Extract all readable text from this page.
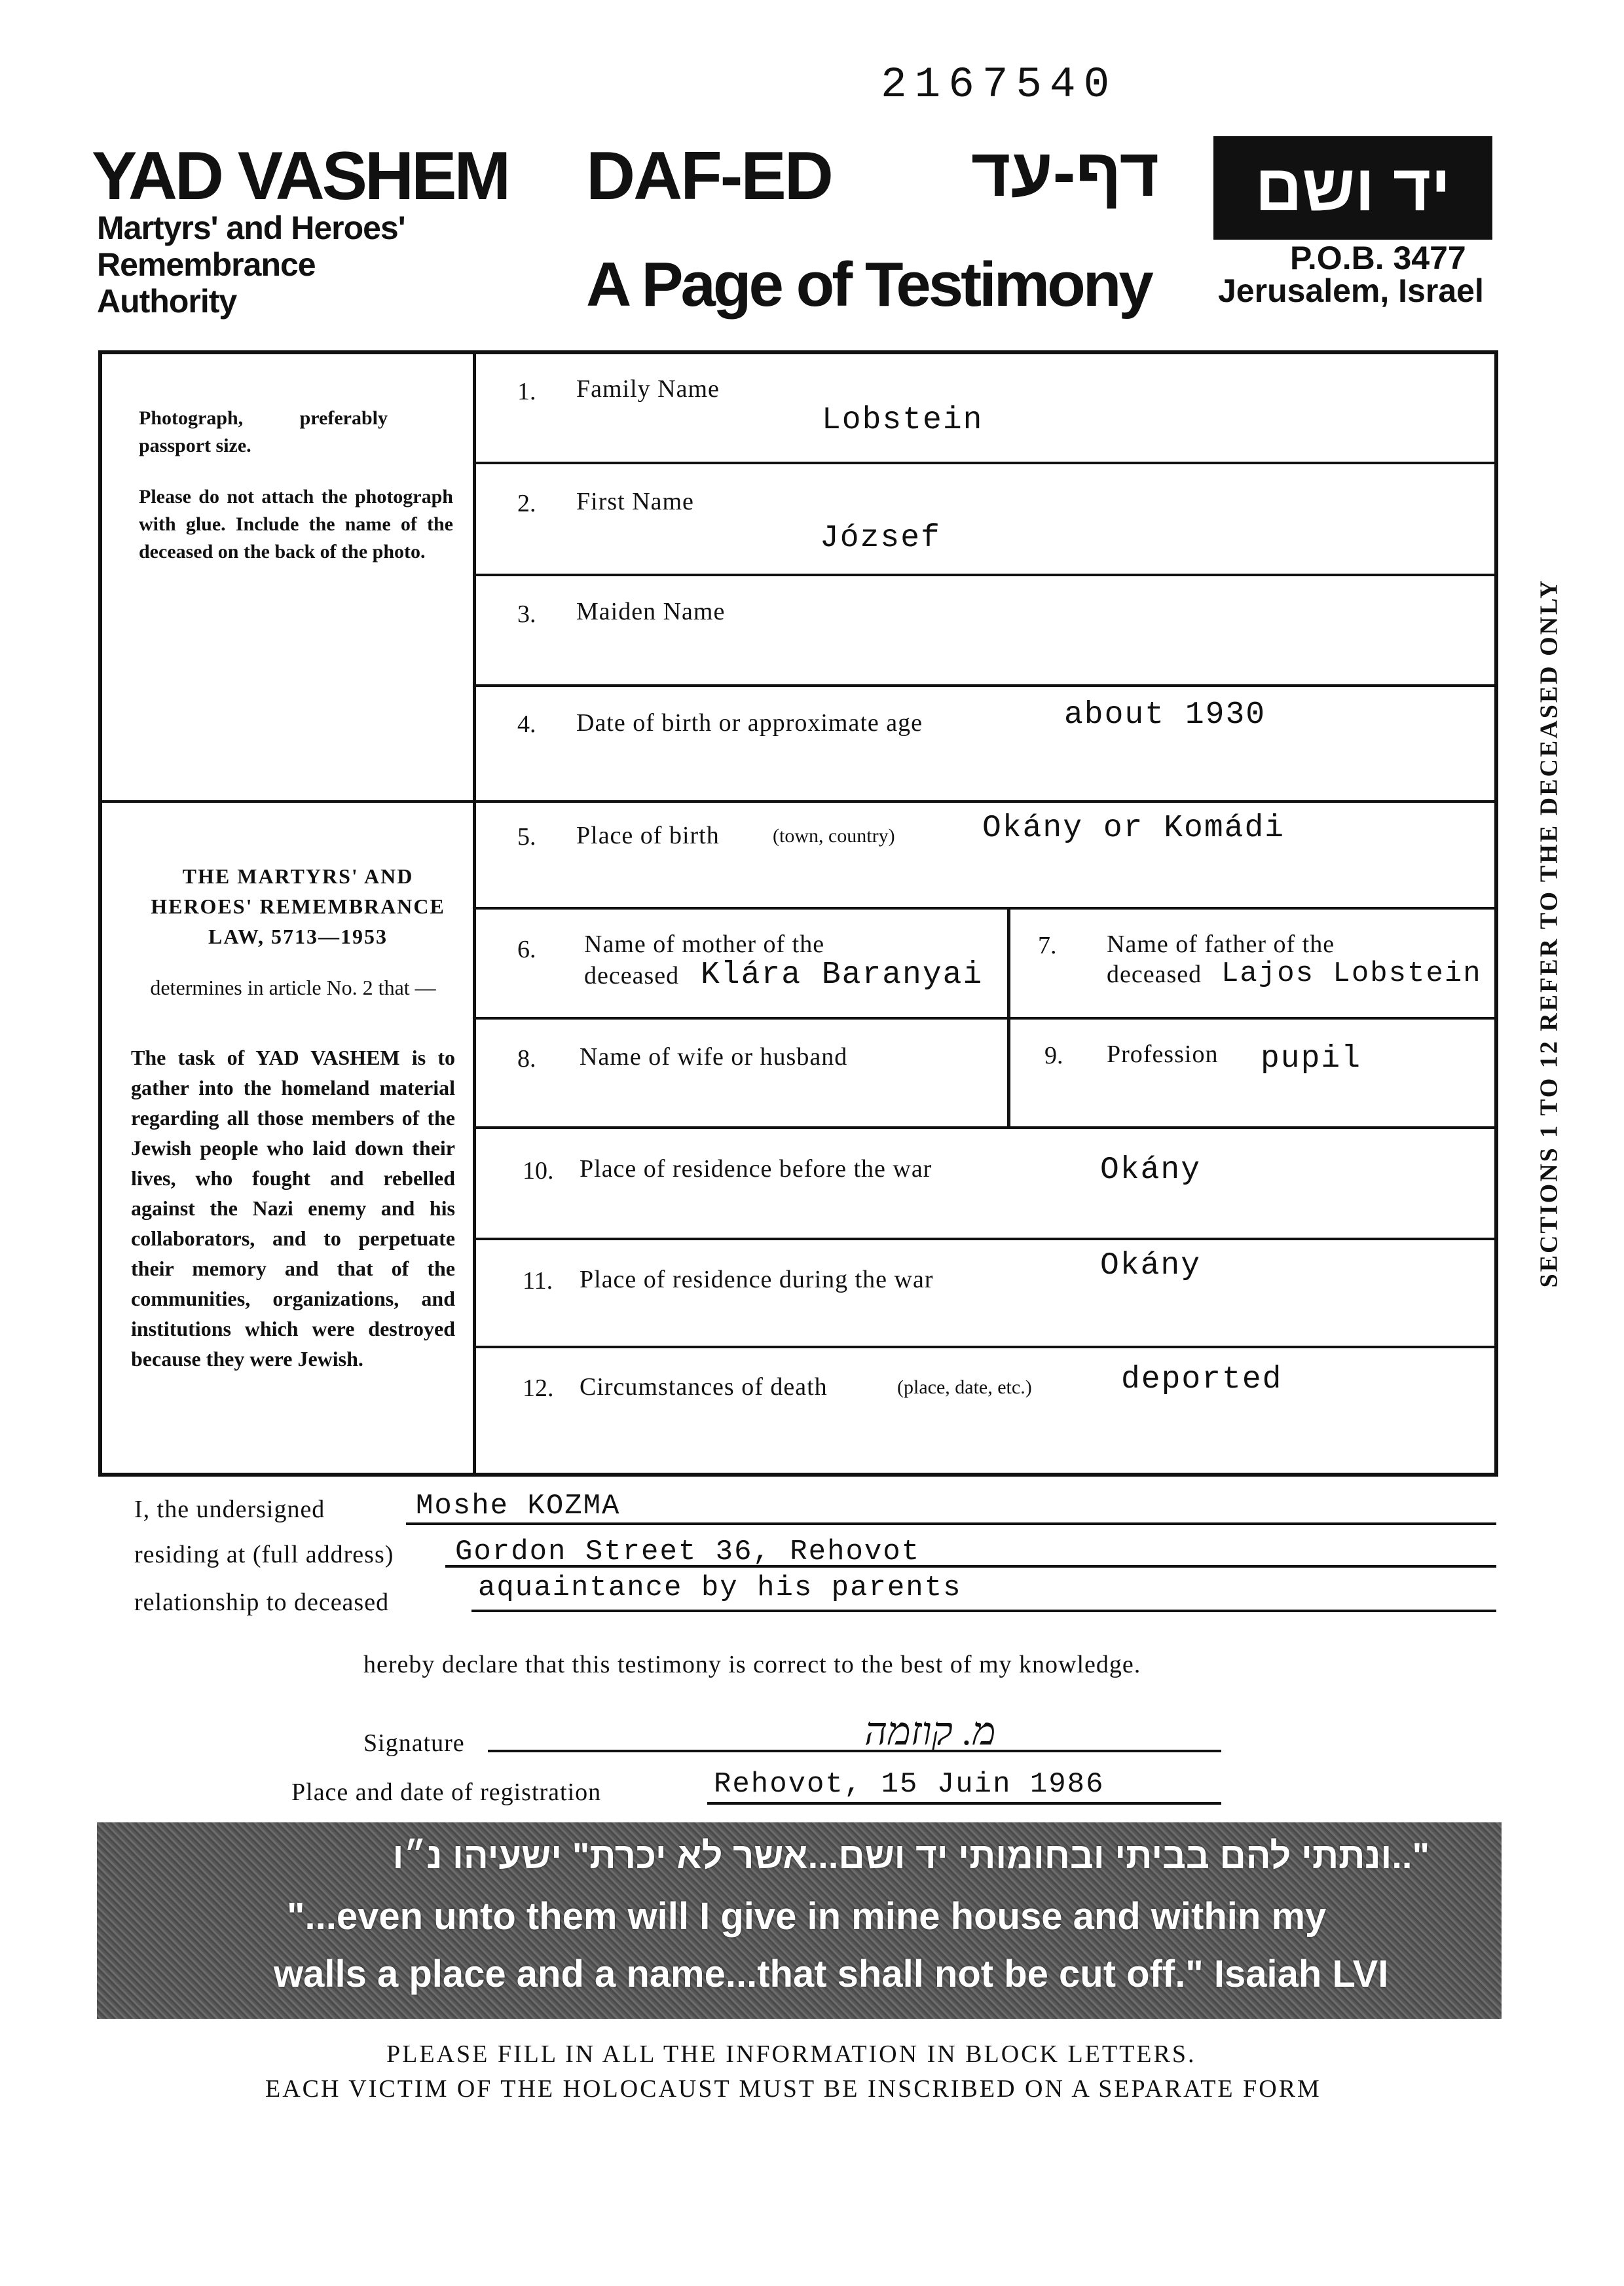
2167540
YAD VASHEM
Martyrs' and Heroes'
Remembrance
Authority
DAF-ED	דף-עד
A Page of Testimony
יד ושם
P.O.B. 3477
Jerusalem, Israel
Photograph, preferably passport size.
Please do not attach the photograph with glue. Include the name of the deceased on the back of the photo.
THE MARTYRS' AND HEROES' REMEMBRANCE LAW, 5713—1953
determines in article No. 2 that —
The task of YAD VASHEM is to gather into the homeland material regarding all those members of the Jewish people who laid down their lives, who fought and rebelled against the Nazi enemy and his collaborators, and to perpetuate their memory and that of the communities, organizations, and institutions which were destroyed because they were Jewish.
1. Family Name
Lobstein
2. First Name
József
3. Maiden Name
4. Date of birth or approximate age	about 1930
5. Place of birth	(town, country)	Okány or Komádi
6. Name of mother of the
deceased Klára Baranyai
7. Name of father of the
deceased Lajos Lobstein
8. Name of wife or husband	9. Profession pupil
10. Place of residence before the war	Okány
11. Place of residence during the war	Okány
12. Circumstances of death	(place, date, etc.)	deported
SECTIONS 1 TO 12 REFER TO THE DECEASED ONLY
I, the undersigned	Moshe KOZMA
residing at (full address) Gordon Street 36, Rehovot
relationship to deceased	aquaintance by his parents
hereby declare that this testimony is correct to the best of my knowledge.
Signature	מ. קוזמה
Place and date of registration	Rehovot, 15 Juin 1986
"..ונתתי להם בביתי ובחומותי יד ושם...אשר לא יכרת" ישעיהו נ״ו
"...even unto them will I give in mine house and within my
walls a place and a name...that shall not be cut off." Isaiah LVI
PLEASE FILL IN ALL THE INFORMATION IN BLOCK LETTERS.
EACH VICTIM OF THE HOLOCAUST MUST BE INSCRIBED ON A SEPARATE FORM
